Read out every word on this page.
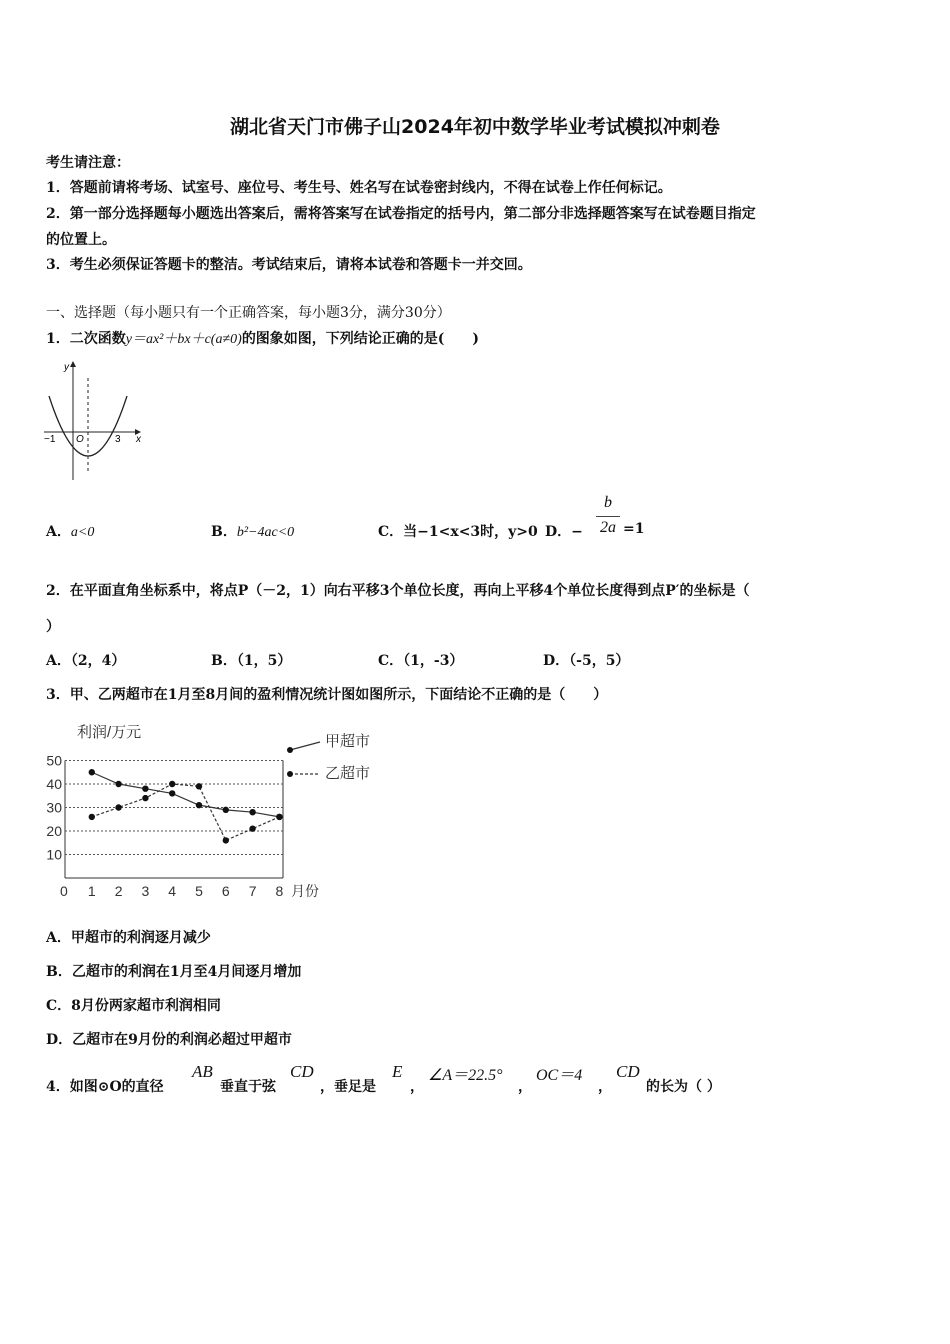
湖北省天门市佛子山2024年初中数学毕业考试模拟冲刺卷
考生请注意：
1．答题前请将考场、试室号、座位号、考生号、姓名写在试卷密封线内，不得在试卷上作任何标记。
2．第一部分选择题每小题选出答案后，需将答案写在试卷指定的括号内，第二部分非选择题答案写在试卷题目指定
的位置上。
3．考生必须保证答题卡的整洁。考试结束后，请将本试卷和答题卡一并交回。
一、选择题（每小题只有一个正确答案，每小题3分，满分30分）
1．二次函数y＝ax²＋bx＋c(a≠0)的图象如图，下列结论正确的是(　　)
y
x
O
−1	3
A．a<0	B．b²−4ac<0	C．当−1<x<3时，y>0 D．−
b
2a =1
2．在平面直角坐标系中，将点P（－2，1）向右平移3个单位长度，再向上平移4个单位长度得到点P′的坐标是（
）
A．（2，4）	B．（1，5）	C．（1，-3）	D．（-5，5）
3．甲、乙两超市在1月至8月间的盈利情况统计图如图所示，下面结论不正确的是（　　）
利润/万元
月份
0
10
20
30
40
50
1 2 3 4 5 6 7 8
甲超市
乙超市
A．甲超市的利润逐月减少
B．乙超市的利润在1月至4月间逐月增加
C．8月份两家超市利润相同
D．乙超市在9月份的利润必超过甲超市
4．如图⊙O的直径
AB
垂直于弦
CD
，垂足是
E
，
∠A＝22.5°
，
OC＝4
，
CD
的长为（ ）
